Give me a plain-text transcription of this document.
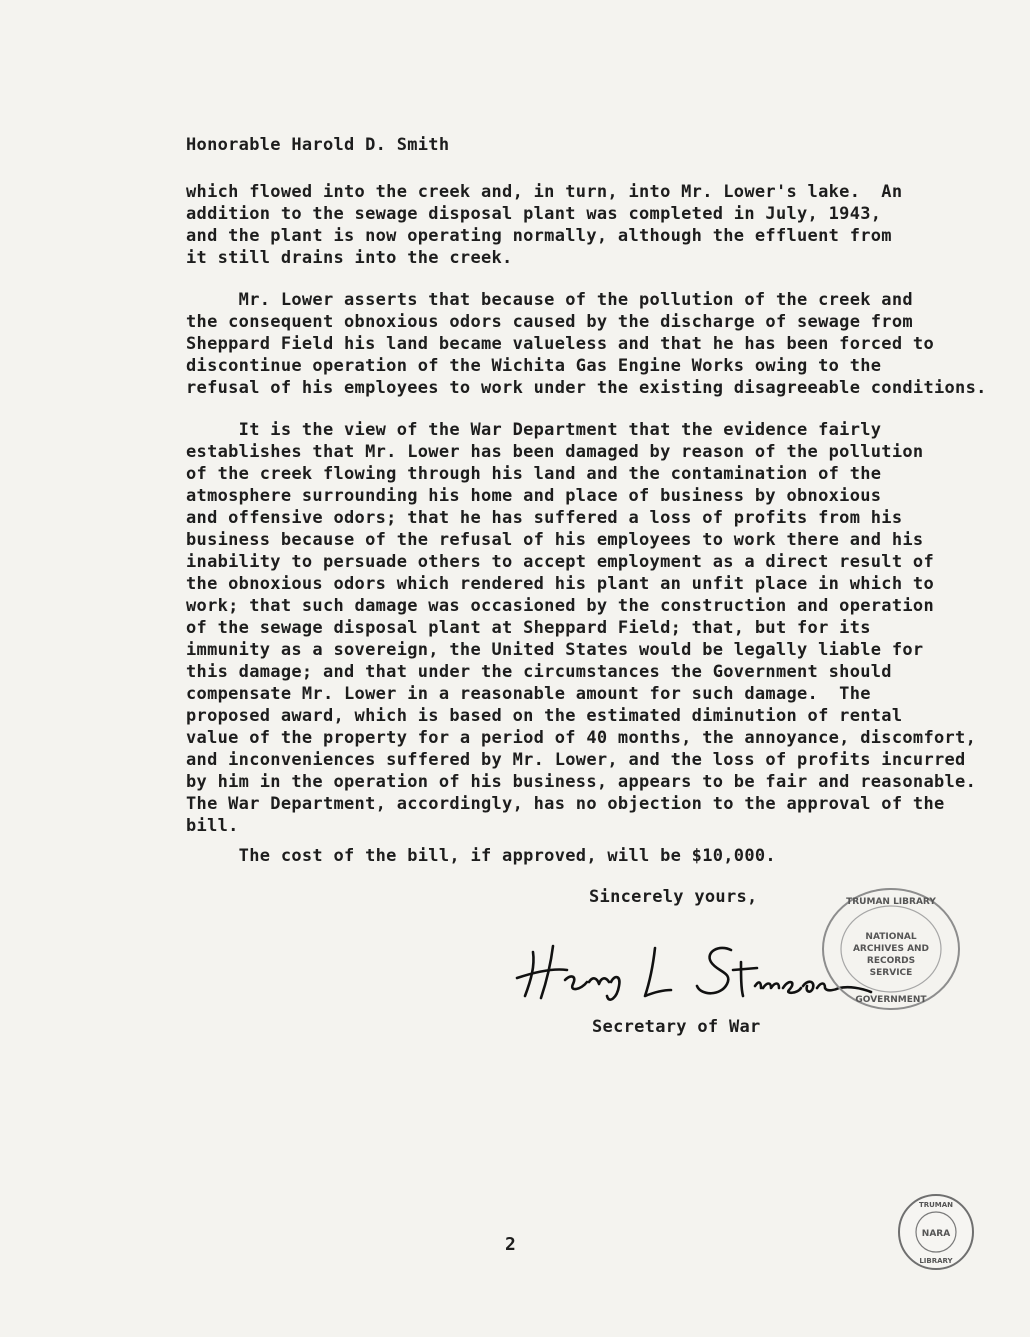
Honorable Harold D. Smith
which flowed into the creek and, in turn, into Mr. Lower's lake.  An
addition to the sewage disposal plant was completed in July, 1943,
and the plant is now operating normally, although the effluent from
it still drains into the creek.
Mr. Lower asserts that because of the pollution of the creek and
the consequent obnoxious odors caused by the discharge of sewage from
Sheppard Field his land became valueless and that he has been forced to
discontinue operation of the Wichita Gas Engine Works owing to the
refusal of his employees to work under the existing disagreeable conditions.
It is the view of the War Department that the evidence fairly
establishes that Mr. Lower has been damaged by reason of the pollution
of the creek flowing through his land and the contamination of the
atmosphere surrounding his home and place of business by obnoxious
and offensive odors; that he has suffered a loss of profits from his
business because of the refusal of his employees to work there and his
inability to persuade others to accept employment as a direct result of
the obnoxious odors which rendered his plant an unfit place in which to
work; that such damage was occasioned by the construction and operation
of the sewage disposal plant at Sheppard Field; that, but for its
immunity as a sovereign, the United States would be legally liable for
this damage; and that under the circumstances the Government should
compensate Mr. Lower in a reasonable amount for such damage.  The
proposed award, which is based on the estimated diminution of rental
value of the property for a period of 40 months, the annoyance, discomfort,
and inconveniences suffered by Mr. Lower, and the loss of profits incurred
by him in the operation of his business, appears to be fair and reasonable.
The War Department, accordingly, has no objection to the approval of the
bill.
The cost of the bill, if approved, will be $10,000.
Sincerely yours,
Secretary of War
NATIONAL
ARCHIVES AND
RECORDS
SERVICE
TRUMAN LIBRARY
GOVERNMENT
NARA
TRUMAN
LIBRARY
2
